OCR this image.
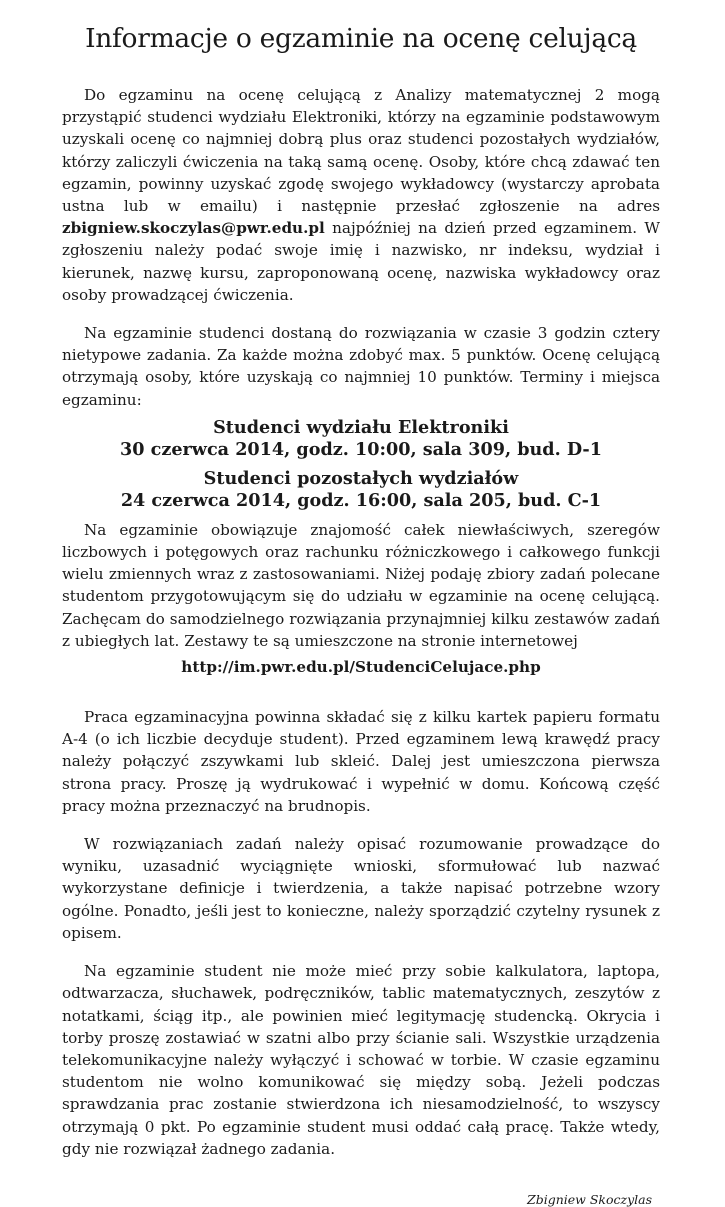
Informacje o egzaminie na ocenę celującą

Do egzaminu na ocenę celującą z Analizy matematycznej 2 mogą przystąpić studenci wydziału Elektroniki, którzy na egzaminie podstawowym uzyskali ocenę co najmniej dobrą plus oraz studenci pozostałych wydziałów, którzy zaliczyli ćwiczenia na taką samą ocenę. Osoby, które chcą zdawać ten egzamin, powinny uzyskać zgodę swojego wykładowcy (wystarczy aprobata ustna lub w emailu) i następnie przesłać zgłoszenie na adres zbigniew.skoczylas@pwr.edu.pl najpóźniej na dzień przed egzaminem. W zgłoszeniu należy podać swoje imię i nazwisko, nr indeksu, wydział i kierunek, nazwę kursu, zaproponowaną ocenę, nazwiska wykładowcy oraz osoby prowadzącej ćwiczenia.

Na egzaminie studenci dostaną do rozwiązania w czasie 3 godzin cztery nietypowe zadania. Za każde można zdobyć max. 5 punktów. Ocenę celującą otrzymają osoby, które uzyskają co najmniej 10 punktów. Terminy i miejsca egzaminu:

Studenci wydziału Elektroniki
30 czerwca 2014, godz. 10:00, sala 309, bud. D-1
Studenci pozostałych wydziałów
24 czerwca 2014, godz. 16:00, sala 205, bud. C-1

Na egzaminie obowiązuje znajomość całek niewłaściwych, szeregów liczbowych i potęgowych oraz rachunku różniczkowego i całkowego funkcji wielu zmiennych wraz z zastosowaniami. Niżej podaję zbiory zadań polecane studentom przygotowującym się do udziału w egzaminie na ocenę celującą. Zachęcam do samodzielnego rozwiązania przynajmniej kilku zestawów zadań z ubiegłych lat. Zestawy te są umieszczone na stronie internetowej

http://im.pwr.edu.pl/StudenciCelujace.php

Praca egzaminacyjna powinna składać się z kilku kartek papieru formatu A-4 (o ich liczbie decyduje student). Przed egzaminem lewą krawędź pracy należy połączyć zszywkami lub skleić. Dalej jest umieszczona pierwsza strona pracy. Proszę ją wydrukować i wypełnić w domu. Końcową część pracy można przeznaczyć na brudnopis.

W rozwiązaniach zadań należy opisać rozumowanie prowadzące do wyniku, uzasadnić wyciągnięte wnioski, sformułować lub nazwać wykorzystane definicje i twierdzenia, a także napisać potrzebne wzory ogólne. Ponadto, jeśli jest to konieczne, należy sporządzić czytelny rysunek z opisem.

Na egzaminie student nie może mieć przy sobie kalkulatora, laptopa, odtwarzacza, słuchawek, podręczników, tablic matematycznych, zeszytów z notatkami, ściąg itp., ale powinien mieć legitymację studencką. Okrycia i torby proszę zostawiać w szatni albo przy ścianie sali. Wszystkie urządzenia telekomunikacyjne należy wyłączyć i schować w torbie. W czasie egzaminu studentom nie wolno komunikować się między sobą. Jeżeli podczas sprawdzania prac zostanie stwierdzona ich niesamodzielność, to wszyscy otrzymają 0 pkt. Po egzaminie student musi oddać całą pracę. Także wtedy, gdy nie rozwiązał żadnego zadania.

Zbigniew Skoczylas
